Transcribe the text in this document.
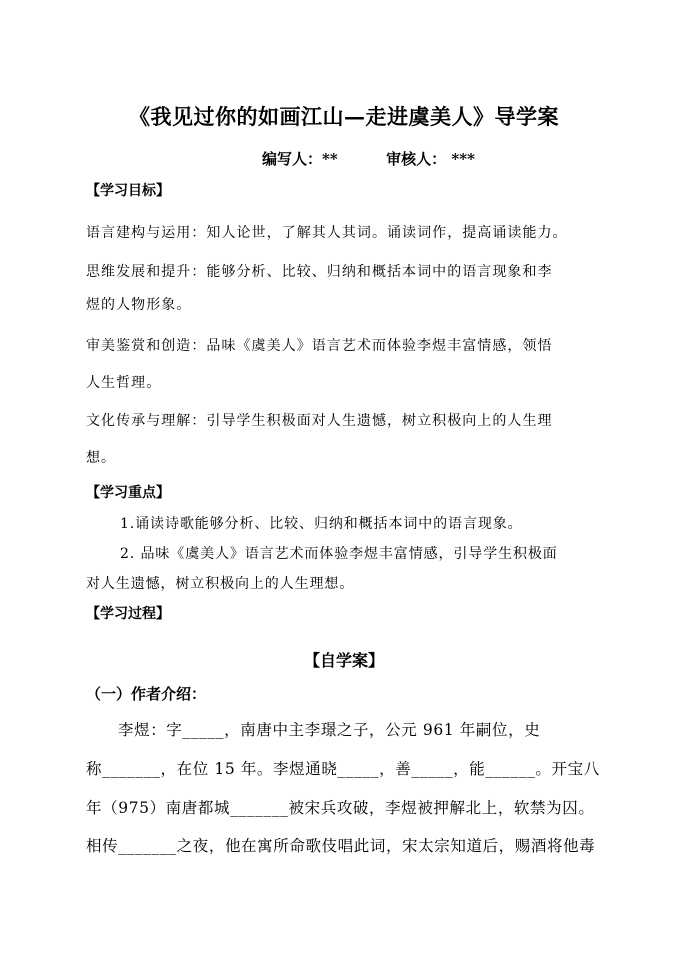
《我见过你的如画江山—走进虞美人》导学案
编写人：**	审核人： ***
【学习目标】
语言建构与运用：知人论世，了解其人其词。诵读词作，提高诵读能力。
思维发展和提升：能够分析、比较、归纳和概括本词中的语言现象和李
煜的人物形象。
审美鉴赏和创造：品味《虞美人》语言艺术而体验李煜丰富情感，领悟
人生哲理。
文化传承与理解：引导学生积极面对人生遗憾，树立积极向上的人生理
想。
【学习重点】
1.诵读诗歌能够分析、比较、归纳和概括本词中的语言现象。
2. 品味《虞美人》语言艺术而体验李煜丰富情感，引导学生积极面
对人生遗憾，树立积极向上的人生理想。
【学习过程】
【自学案】
（一）作者介绍：
李煜：字_____，南唐中主李璟之子，公元 961 年嗣位，史
称_______，在位 15 年。李煜通晓_____，善_____，能______。开宝八
年（975）南唐都城_______被宋兵攻破，李煜被押解北上，软禁为囚。
相传_______之夜，他在寓所命歌伎唱此词，宋太宗知道后，赐酒将他毒
